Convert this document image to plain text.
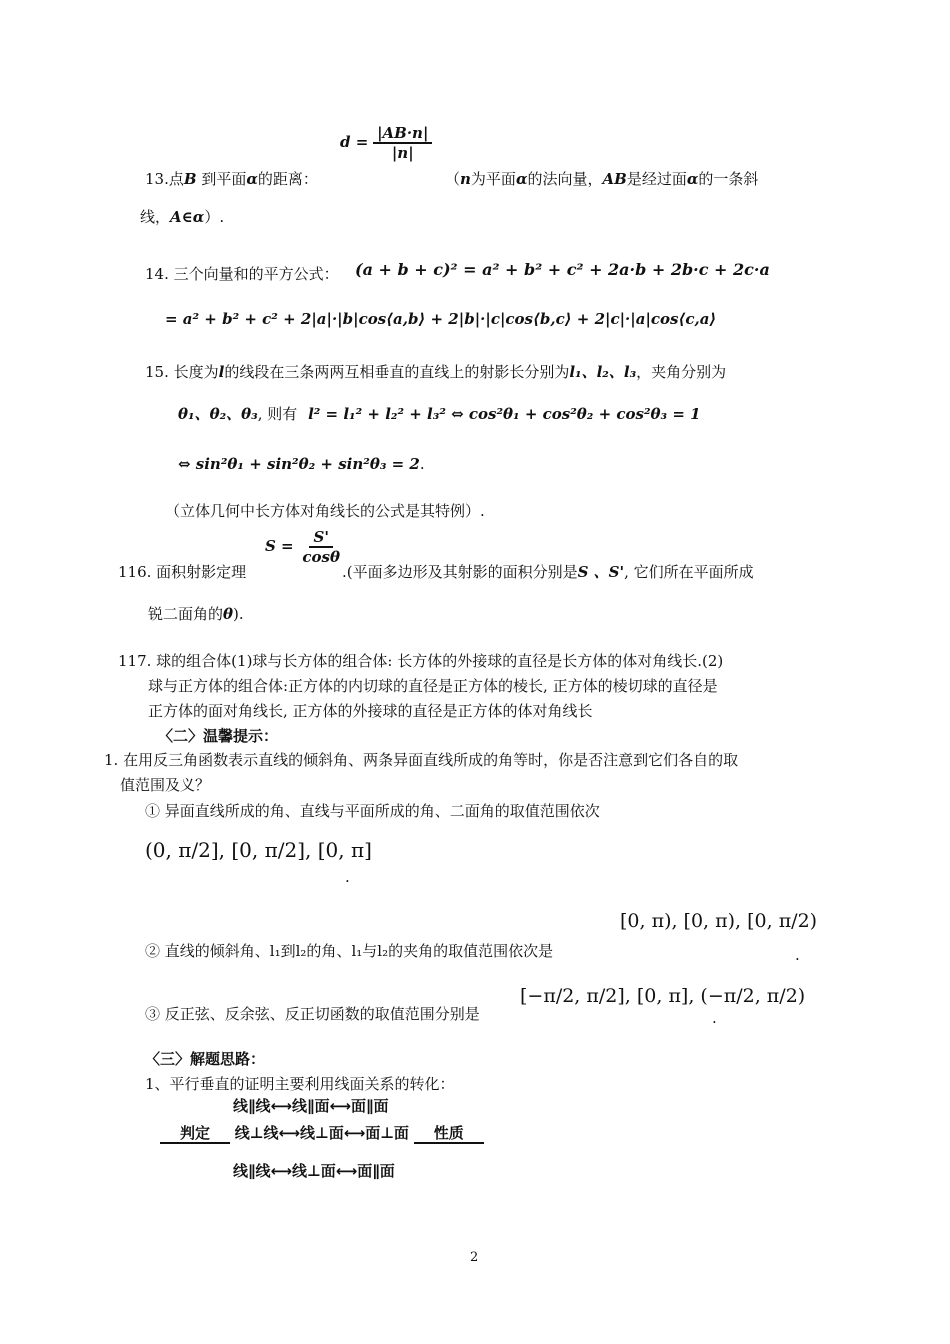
$d = \frac{|AB\cdot n|}{|n|}$
13.点B 到平面α的距离：	（n为平面α的法向量，AB是经过面α的一条斜
线，A∈α）.
14. 三个向量和的平方公式： (a + b + c)² = a² + b² + c² + 2a·b + 2b·c + 2c·a
= a² + b² + c² + 2|a|·|b|cos⟨a,b⟩ + 2|b|·|c|cos⟨b,c⟩ + 2|c|·|a|cos⟨c,a⟩
15. 长度为l的线段在三条两两互相垂直的直线上的射影长分别为l₁、l₂、l₃，夹角分别为
θ₁、θ₂、θ₃, 则有 l² = l₁² + l₂² + l₃² ⇔ cos²θ₁ + cos²θ₂ + cos²θ₃ = 1
⇔ sin²θ₁ + sin²θ₂ + sin²θ₃ = 2.
（立体几何中长方体对角线长的公式是其特例）.
116. 面积射影定理
$S = \frac{S'}{\cos\theta}$
.(平面多边形及其射影的面积分别是S 、S', 它们所在平面所成
锐二面角的θ).
117. 球的组合体(1)球与长方体的组合体: 长方体的外接球的直径是长方体的体对角线长.(2)
球与正方体的组合体:正方体的内切球的直径是正方体的棱长, 正方体的棱切球的直径是
正方体的面对角线长, 正方体的外接球的直径是正方体的体对角线长
〈二〉温馨提示：
1. 在用反三角函数表示直线的倾斜角、两条异面直线所成的角等时，你是否注意到它们各自的取
值范围及义？
① 异面直线所成的角、直线与平面所成的角、二面角的取值范围依次
(0, π/2], [0, π/2], [0, π]
.
[0, π), [0, π), [0, π/2)
② 直线的倾斜角、l₁到l₂的角、l₁与l₂的夹角的取值范围依次是	.
[−π/2, π/2], [0, π], (−π/2, π/2)
③ 反正弦、反余弦、反正切函数的取值范围分别是	.
〈三〉解题思路：
1、平行垂直的证明主要利用线面关系的转化：
线∥线⟷线∥面⟷面∥面
判定 线⊥线⟷线⊥面⟷面⊥面 性质
线∥线⟷线⊥面⟷面∥面
2
